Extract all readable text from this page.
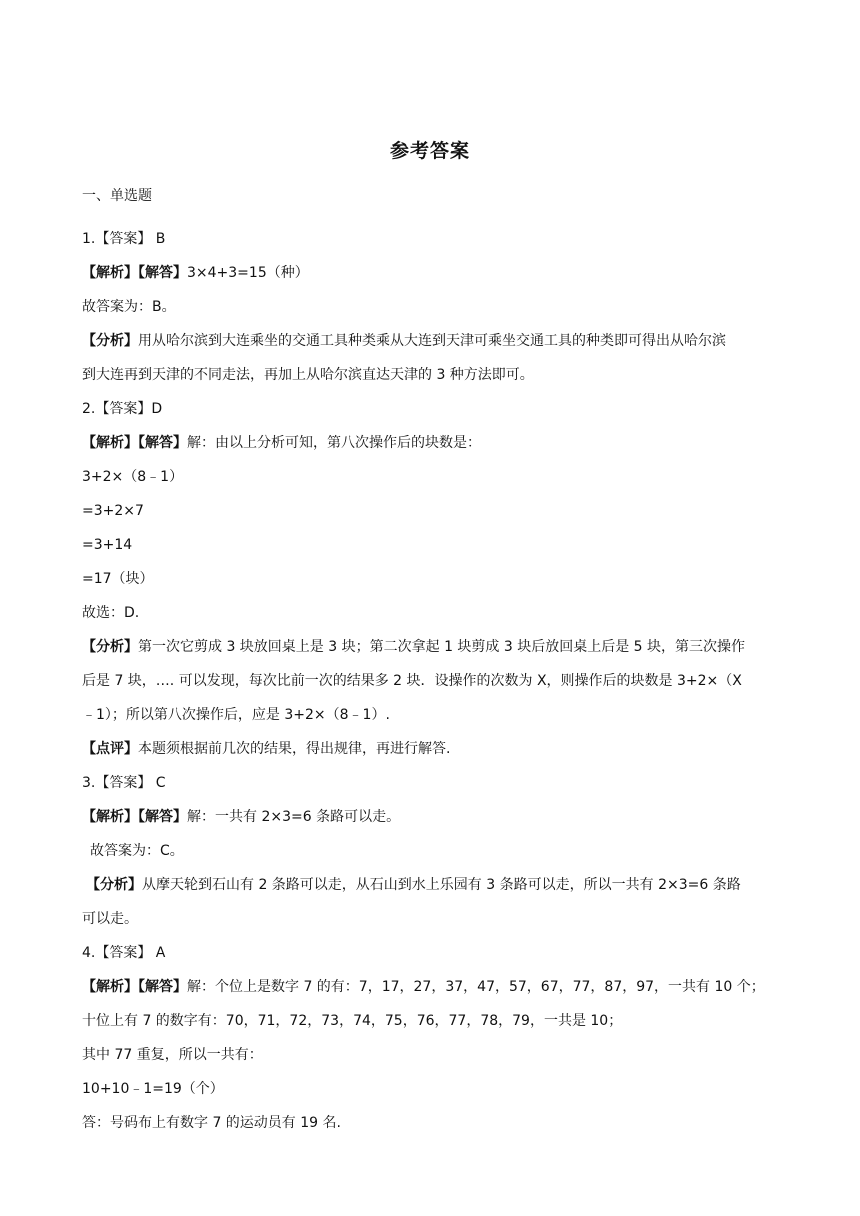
参考答案
一、单选题
1.【答案】 B
【解析】【解答】3×4+3=15（种）
故答案为：B。
【分析】用从哈尔滨到大连乘坐的交通工具种类乘从大连到天津可乘坐交通工具的种类即可得出从哈尔滨
到大连再到天津的不同走法，再加上从哈尔滨直达天津的 3 种方法即可。
2.【答案】D
【解析】【解答】解：由以上分析可知，第八次操作后的块数是：
3+2×（8﹣1）
=3+2×7
=3+14
=17（块）
故选：D.
【分析】第一次它剪成 3 块放回桌上是 3 块；第二次拿起 1 块剪成 3 块后放回桌上后是 5 块，第三次操作
后是 7 块，…. 可以发现，每次比前一次的结果多 2 块．设操作的次数为 X，则操作后的块数是 3+2×（X
﹣1）；所以第八次操作后，应是 3+2×（8﹣1）.
【点评】本题须根据前几次的结果，得出规律，再进行解答.
3.【答案】 C
【解析】【解答】解：一共有 2×3=6 条路可以走。
故答案为：C。
【分析】从摩天轮到石山有 2 条路可以走，从石山到水上乐园有 3 条路可以走，所以一共有 2×3=6 条路
可以走。
4.【答案】 A
【解析】【解答】解：个位上是数字 7 的有：7，17，27，37，47，57，67，77，87，97，一共有 10 个；
十位上有 7 的数字有：70，71，72，73，74，75，76，77，78，79，一共是 10；
其中 77 重复，所以一共有：
10+10﹣1=19（个）
答：号码布上有数字 7 的运动员有 19 名.
